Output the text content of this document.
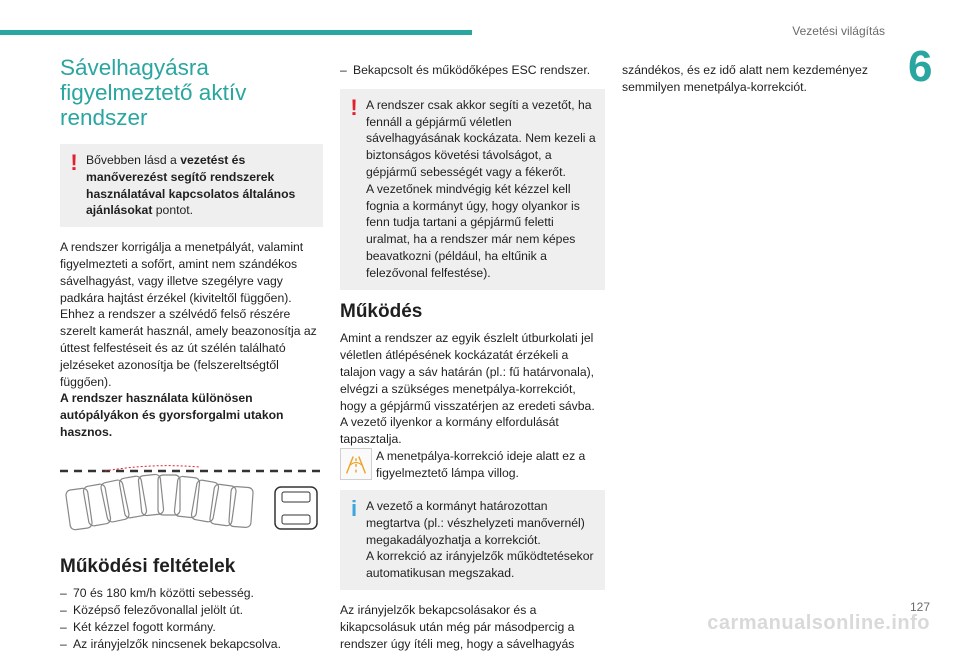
Vezetési világítás
6
Sávelhagyásra figyelmeztető aktív rendszer
! Bővebben lásd a vezetést és manőverezést segítő rendszerek használatával kapcsolatos általános ajánlásokat pontot.

A rendszer korrigálja a menetpályát, valamint figyelmezteti a sofőrt, amint nem szándékos sávelhagyást, vagy illetve szegélyre vagy padkára hajtást érzékel (kiviteltől függően).

Ehhez a rendszer a szélvédő felső részére szerelt kamerát használ, amely beazonosítja az úttest felfestéseit és az út szélén található jelzéseket azonosítja be (felszereltségtől függően).

A rendszer használata különösen autópályákon és gyorsforgalmi utakon hasznos.

Működési feltételek
– 70 és 180 km/h közötti sebesség.
– Középső felezővonallal jelölt út.
– Két kézzel fogott kormány.
– Az irányjelzők nincsenek bekapcsolva.
– Bekapcsolt és működőképes ESC rendszer.
! A rendszer csak akkor segíti a vezetőt, ha fennáll a gépjármű véletlen sávelhagyásának kockázata. Nem kezeli a biztonságos követési távolságot, a gépjármű sebességét vagy a fékerőt.
A vezetőnek mindvégig két kézzel kell fognia a kormányt úgy, hogy olyankor is fenn tudja tartani a gépjármű feletti uralmat, ha a rendszer már nem képes beavatkozni (például, ha eltűnik a felezővonal felfestése).

Működés

Amint a rendszer az egyik észlelt útburkolati jel véletlen átlépésének kockázatát érzékeli a talajon vagy a sáv határán (pl.: fű határvonala), elvégzi a szükséges menetpálya-korrekciót, hogy a gépjármű visszatérjen az eredeti sávba.
A vezető ilyenkor a kormány elfordulását tapasztalja.

A menetpálya-korrekció ideje alatt ez a figyelmeztető lámpa villog.

i A vezető a kormányt határozottan megtartva (pl.: vészhelyzeti manővernél) megakadályozhatja a korrekciót.
A korrekció az irányjelzők működtetésekor automatikusan megszakad.

Az irányjelzők bekapcsolásakor és a kikapcsolásuk után még pár másodpercig a rendszer úgy ítéli meg, hogy a sávelhagyás

szándékos, és ez idő alatt nem kezdeményez semmilyen menetpálya-korrekciót.

carmanualsonline.info
127
